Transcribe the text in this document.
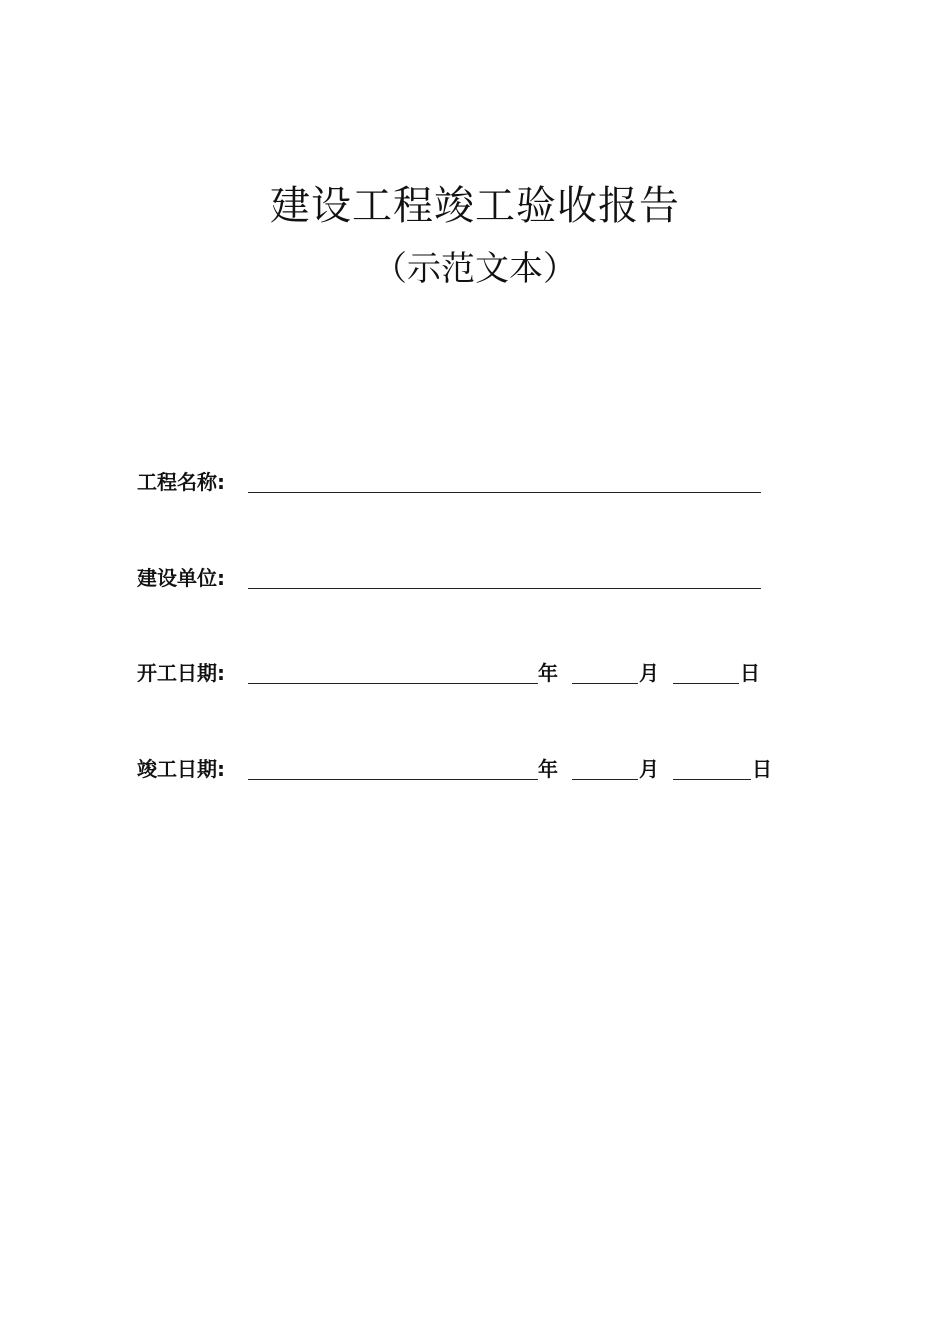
建设工程竣工验收报告
（示范文本）
工程名称:
建设单位:
开工日期:	年	月	日
竣工日期:	年	月	日
